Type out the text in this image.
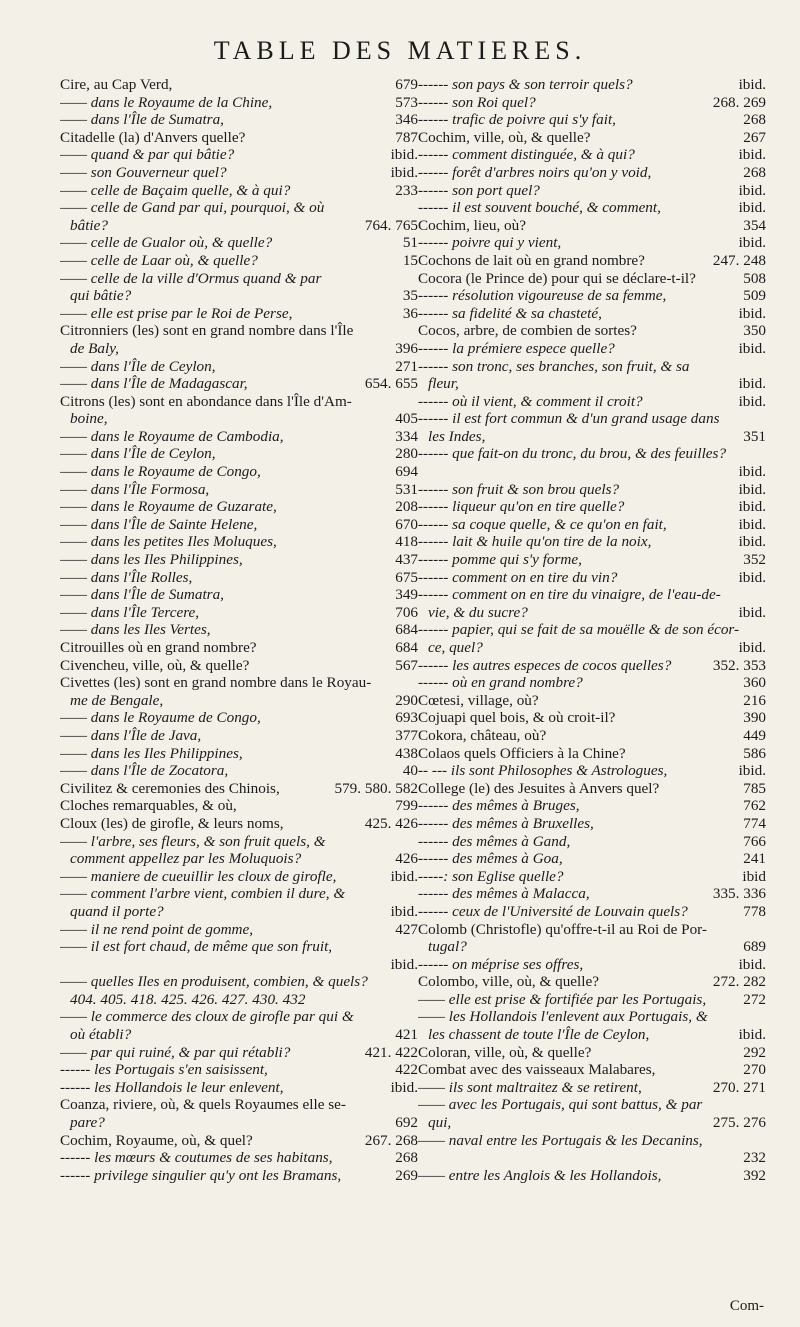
TABLE DES MATIERES.
Cire, au Cap Verd,	679
—— dans le Royaume de la Chine,	573
—— dans l'Île de Sumatra,	346
Citadelle (la) d'Anvers quelle?	787
—— quand & par qui bâtie?	ibid.
—— son Gouverneur quel?	ibid.
—— celle de Baçaim quelle, & à qui?	233
—— celle de Gand par qui, pourquoi, & où
bâtie?	764. 765
—— celle de Gualor où, & quelle?	51
—— celle de Laar où, & quelle?	15
—— celle de la ville d'Ormus quand & par
qui bâtie?	35
—— elle est prise par le Roi de Perse,	36
Citronniers (les) sont en grand nombre dans l'Île
de Baly,	396
—— dans l'Île de Ceylon,	271
—— dans l'Île de Madagascar,	654. 655
Citrons (les) sont en abondance dans l'Île d'Am-
boine,	405
—— dans le Royaume de Cambodia,	334
—— dans l'Île de Ceylon,	280
—— dans le Royaume de Congo,	694
—— dans l'Île Formosa,	531
—— dans le Royaume de Guzarate,	208
—— dans l'Île de Sainte Helene,	670
—— dans les petites Iles Moluques,	418
—— dans les Iles Philippines,	437
—— dans l'Île Rolles,	675
—— dans l'Île de Sumatra,	349
—— dans l'Île Tercere,	706
—— dans les Iles Vertes,	684
Citrouilles où en grand nombre?	684
Civencheu, ville, où, & quelle?	567
Civettes (les) sont en grand nombre dans le Royau-
me de Bengale,	290
—— dans le Royaume de Congo,	693
—— dans l'Île de Java,	377
—— dans les Iles Philippines,	438
—— dans l'Île de Zocatora,	40
Civilitez & ceremonies des Chinois,	579. 580. 582
Cloches remarquables, & où,	799
Cloux (les) de girofle, & leurs noms,	425. 426
—— l'arbre, ses fleurs, & son fruit quels, &
comment appellez par les Moluquois?	426
—— maniere de cueuillir les cloux de girofle,	ibid.
—— comment l'arbre vient, combien il dure, &
quand il porte?	ibid.
—— il ne rend point de gomme,	427
—— il est fort chaud, de même que son fruit,
ibid.
—— quelles Iles en produisent, combien, & quels?
404. 405. 418. 425. 426. 427. 430. 432
—— le commerce des cloux de girofle par qui &
où établi?	421
—— par qui ruiné, & par qui rétabli?	421. 422
------ les Portugais s'en saisissent,	422
------ les Hollandois le leur enlevent,	ibid.
Coanza, riviere, où, & quels Royaumes elle se-
pare?	692
Cochim, Royaume, où, & quel?	267. 268
------ les mœurs & coutumes de ses habitans,	268
------ privilege singulier qu'y ont les Bramans,	269
------ son pays & son terroir quels?	ibid.
------ son Roi quel?	268. 269
------ trafic de poivre qui s'y fait,	268
Cochim, ville, où, & quelle?	267
------ comment distinguée, & à qui?	ibid.
------ forêt d'arbres noirs qu'on y void,	268
------ son port quel?	ibid.
------ il est souvent bouché, & comment,	ibid.
Cochim, lieu, où?	354
------ poivre qui y vient,	ibid.
Cochons de lait où en grand nombre?	247. 248
Cocora (le Prince de) pour qui se déclare-t-il?	508
------ résolution vigoureuse de sa femme,	509
------ sa fidelité & sa chasteté,	ibid.
Cocos, arbre, de combien de sortes?	350
------ la prémiere espece quelle?	ibid.
------ son tronc, ses branches, son fruit, & sa
fleur,	ibid.
------ où il vient, & comment il croit?	ibid.
------ il est fort commun & d'un grand usage dans
les Indes,	351
------ que fait-on du tronc, du brou, & des feuilles?
ibid.
------ son fruit & son brou quels?	ibid.
------ liqueur qu'on en tire quelle?	ibid.
------ sa coque quelle, & ce qu'on en fait,	ibid.
------ lait & huile qu'on tire de la noix,	ibid.
------ pomme qui s'y forme,	352
------ comment on en tire du vin?	ibid.
------ comment on en tire du vinaigre, de l'eau-de-
vie, & du sucre?	ibid.
------ papier, qui se fait de sa mouëlle & de son écor-
ce, quel?	ibid.
------ les autres especes de cocos quelles?	352. 353
------ où en grand nombre?	360
Cœtesi, village, où?	216
Cojuapi quel bois, & où croit-il?	390
Cokora, château, où?	449
Colaos quels Officiers à la Chine?	586
-- --- ils sont Philosophes & Astrologues,	ibid.
College (le) des Jesuites à Anvers quel?	785
------ des mêmes à Bruges,	762
------ des mêmes à Bruxelles,	774
------ des mêmes à Gand,	766
------ des mêmes à Goa,	241
-----: son Eglise quelle?	ibid
------ des mêmes à Malacca,	335. 336
------ ceux de l'Université de Louvain quels?	778
Colomb (Christofle) qu'offre-t-il au Roi de Por-
tugal?	689
------ on méprise ses offres,	ibid.
Colombo, ville, où, & quelle?	272. 282
—— elle est prise & fortifiée par les Portugais,	272
—— les Hollandois l'enlevent aux Portugais, &
les chassent de toute l'Île de Ceylon,	ibid.
Coloran, ville, où, & quelle?	292
Combat avec des vaisseaux Malabares,	270
—— ils sont maltraitez & se retirent,	270. 271
—— avec les Portugais, qui sont battus, & par
qui,	275. 276
—— naval entre les Portugais & les Decanins,
232
—— entre les Anglois & les Hollandois,	392
Com-
